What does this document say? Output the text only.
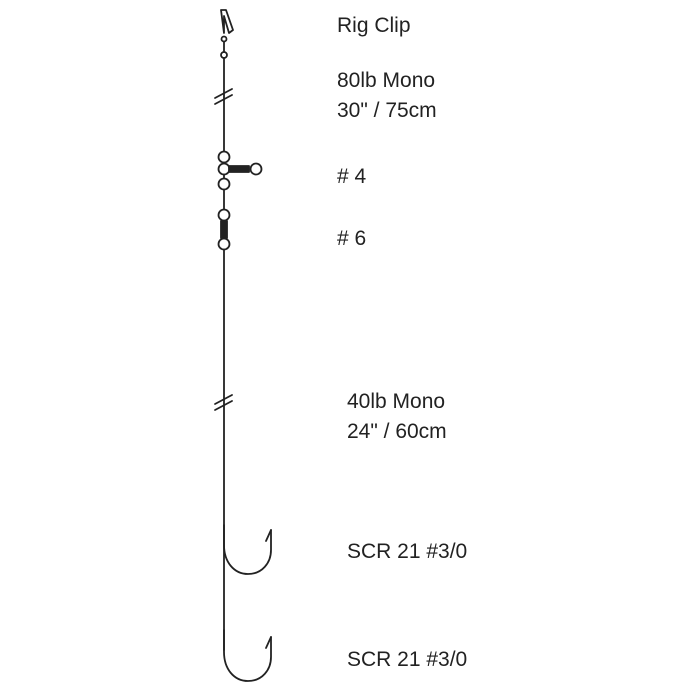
Rig Clip
80lb Mono
30" / 75cm
# 4
# 6
40lb Mono
24" / 60cm
SCR 21 #3/0
SCR 21 #3/0
